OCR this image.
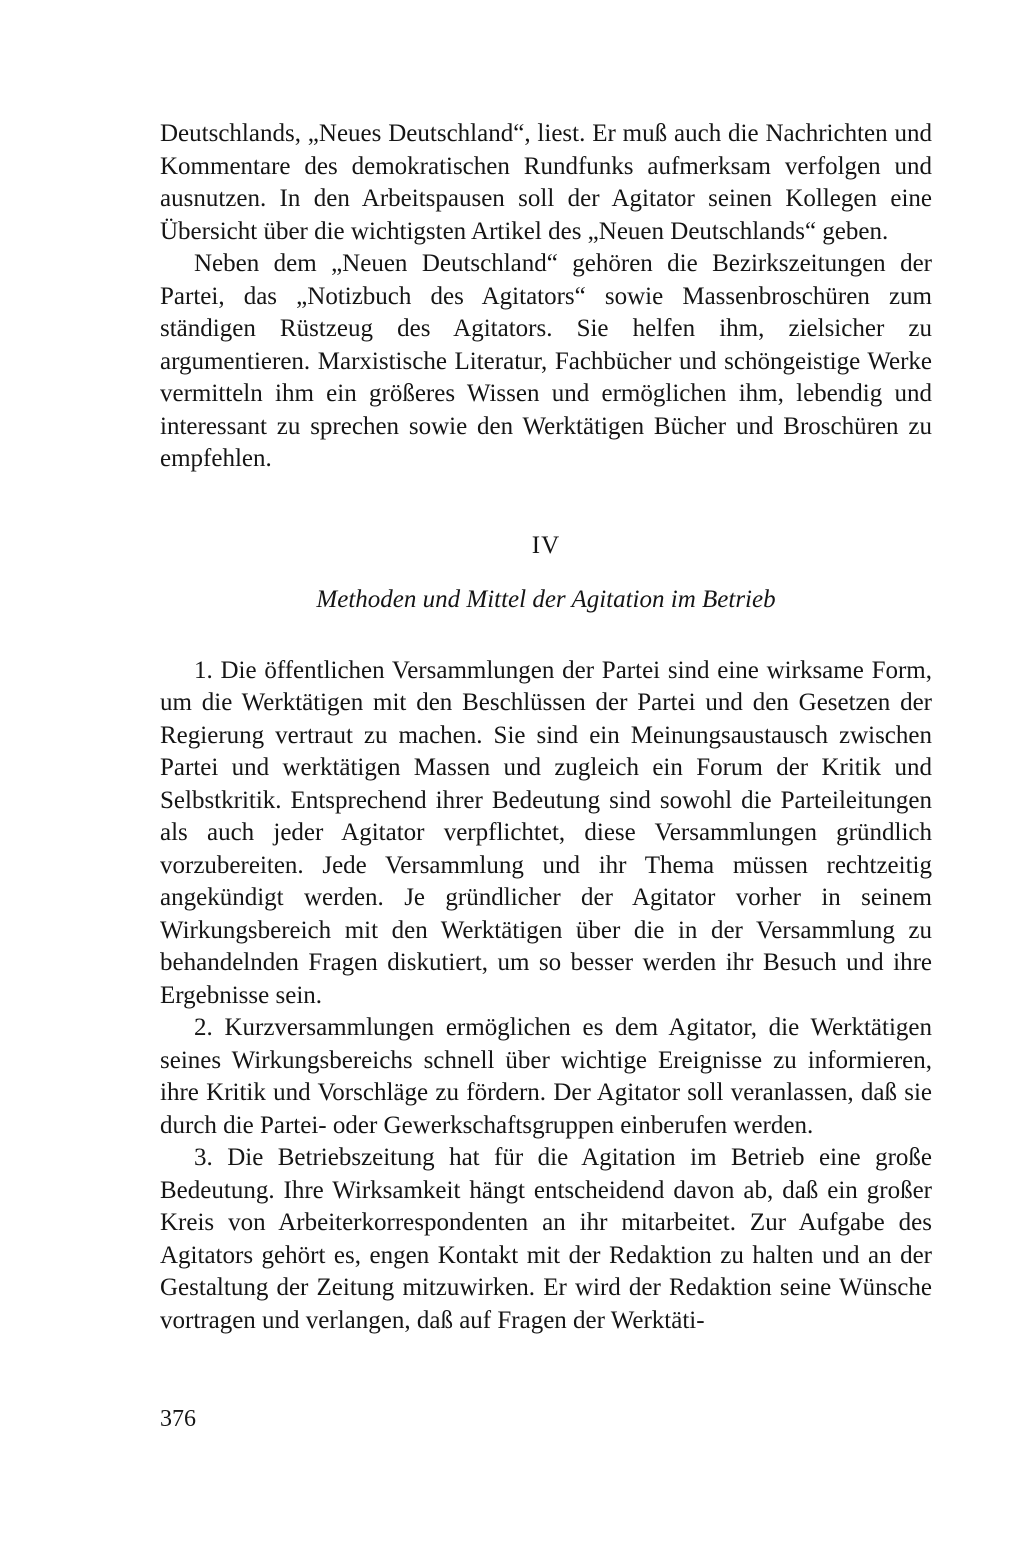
Deutschlands, „Neues Deutschland“, liest. Er muß auch die Nachrichten und Kommentare des demokratischen Rundfunks aufmerksam verfolgen und ausnutzen. In den Arbeitspausen soll der Agitator seinen Kollegen eine Übersicht über die wichtigsten Artikel des „Neuen Deutschlands“ geben.

Neben dem „Neuen Deutschland“ gehören die Bezirkszeitungen der Partei, das „Notizbuch des Agitators“ sowie Massenbroschüren zum ständigen Rüstzeug des Agitators. Sie helfen ihm, zielsicher zu argumentieren. Marxistische Literatur, Fachbücher und schöngeistige Werke vermitteln ihm ein größeres Wissen und ermöglichen ihm, lebendig und interessant zu sprechen sowie den Werktätigen Bücher und Broschüren zu empfehlen.

IV
Methoden und Mittel der Agitation im Betrieb

1. Die öffentlichen Versammlungen der Partei sind eine wirksame Form, um die Werktätigen mit den Beschlüssen der Partei und den Gesetzen der Regierung vertraut zu machen. Sie sind ein Meinungsaustausch zwischen Partei und werktätigen Massen und zugleich ein Forum der Kritik und Selbstkritik. Entsprechend ihrer Bedeutung sind sowohl die Parteileitungen als auch jeder Agitator verpflichtet, diese Versammlungen gründlich vorzubereiten. Jede Versammlung und ihr Thema müssen rechtzeitig angekündigt werden. Je gründlicher der Agitator vorher in seinem Wirkungsbereich mit den Werktätigen über die in der Versammlung zu behandelnden Fragen diskutiert, um so besser werden ihr Besuch und ihre Ergebnisse sein.

2. Kurzversammlungen ermöglichen es dem Agitator, die Werktätigen seines Wirkungsbereichs schnell über wichtige Ereignisse zu informieren, ihre Kritik und Vorschläge zu fördern. Der Agitator soll veranlassen, daß sie durch die Partei- oder Gewerkschaftsgruppen einberufen werden.

3. Die Betriebszeitung hat für die Agitation im Betrieb eine große Bedeutung. Ihre Wirksamkeit hängt entscheidend davon ab, daß ein großer Kreis von Arbeiterkorrespondenten an ihr mitarbeitet. Zur Aufgabe des Agitators gehört es, engen Kontakt mit der Redaktion zu halten und an der Gestaltung der Zeitung mitzuwirken. Er wird der Redaktion seine Wünsche vortragen und verlangen, daß auf Fragen der Werktäti-

376
